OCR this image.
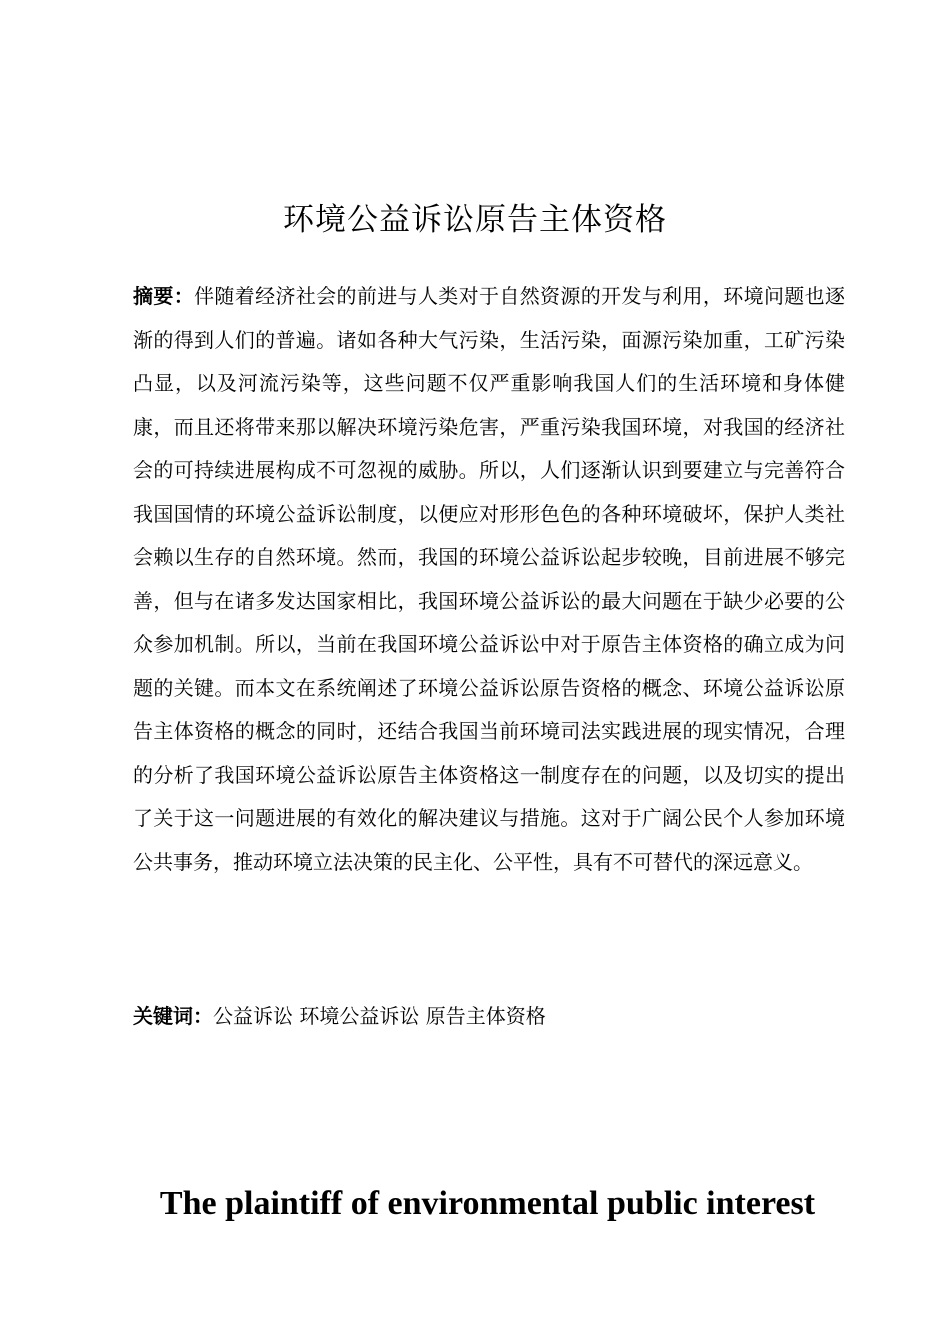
环境公益诉讼原告主体资格

摘要：伴随着经济社会的前进与人类对于自然资源的开发与利用，环境问题也逐渐的得到人们的普遍。诸如各种大气污染，生活污染，面源污染加重，工矿污染凸显，以及河流污染等，这些问题不仅严重影响我国人们的生活环境和身体健康，而且还将带来那以解决环境污染危害，严重污染我国环境，对我国的经济社会的可持续进展构成不可忽视的威胁。所以，人们逐渐认识到要建立与完善符合我国国情的环境公益诉讼制度，以便应对形形色色的各种环境破坏，保护人类社会赖以生存的自然环境。然而，我国的环境公益诉讼起步较晚，目前进展不够完善，但与在诸多发达国家相比，我国环境公益诉讼的最大问题在于缺少必要的公众参加机制。所以，当前在我国环境公益诉讼中对于原告主体资格的确立成为问题的关键。而本文在系统阐述了环境公益诉讼原告资格的概念、环境公益诉讼原告主体资格的概念的同时，还结合我国当前环境司法实践进展的现实情况，合理的分析了我国环境公益诉讼原告主体资格这一制度存在的问题，以及切实的提出了关于这一问题进展的有效化的解决建议与措施。这对于广阔公民个人参加环境公共事务，推动环境立法决策的民主化、公平性，具有不可替代的深远意义。

关键词：公益诉讼 环境公益诉讼 原告主体资格

The plaintiff of environmental public interest
